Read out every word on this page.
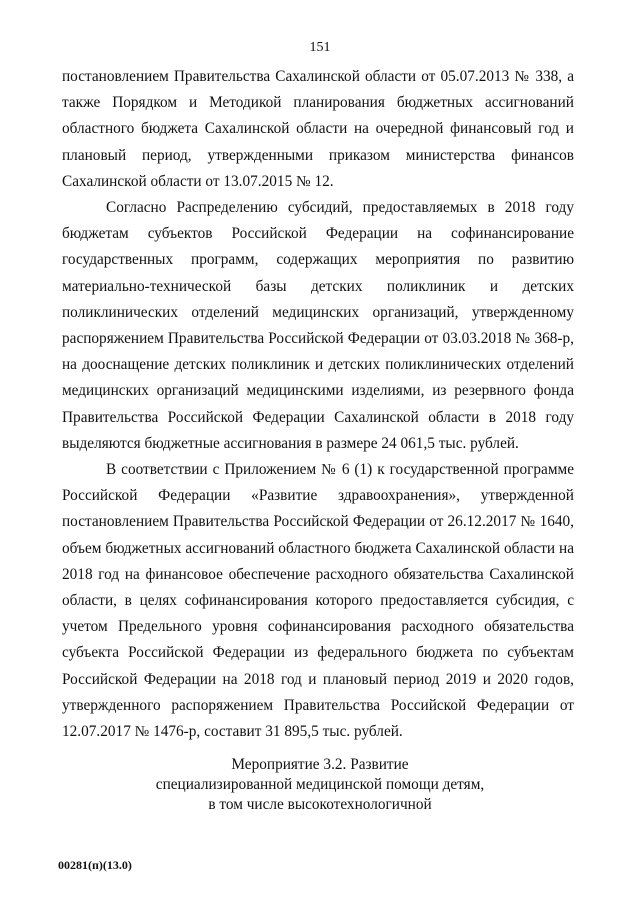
151

постановлением Правительства Сахалинской области от 05.07.2013 № 338, а также Порядком и Методикой планирования бюджетных ассигнований областного бюджета Сахалинской области на очередной финансовый год и плановый период, утвержденными приказом министерства финансов Сахалинской области от 13.07.2015 № 12.

Согласно Распределению субсидий, предоставляемых в 2018 году бюджетам субъектов Российской Федерации на софинансирование государственных программ, содержащих мероприятия по развитию материально-технической базы детских поликлиник и детских поликлинических отделений медицинских организаций, утвержденному распоряжением Правительства Российской Федерации от 03.03.2018 № 368-р, на дооснащение детских поликлиник и детских поликлинических отделений медицинских организаций медицинскими изделиями, из резервного фонда Правительства Российской Федерации Сахалинской области в 2018 году выделяются бюджетные ассигнования в размере 24 061,5 тыс. рублей.

В соответствии с Приложением № 6 (1) к государственной программе Российской Федерации «Развитие здравоохранения», утвержденной постановлением Правительства Российской Федерации от 26.12.2017 № 1640, объем бюджетных ассигнований областного бюджета Сахалинской области на 2018 год на финансовое обеспечение расходного обязательства Сахалинской области, в целях софинансирования которого предоставляется субсидия, с учетом Предельного уровня софинансирования расходного обязательства субъекта Российской Федерации из федерального бюджета по субъектам Российской Федерации на 2018 год и плановый период 2019 и 2020 годов, утвержденного распоряжением Правительства Российской Федерации от 12.07.2017 № 1476-р, составит 31 895,5 тыс. рублей.

Мероприятие 3.2. Развитие
специализированной медицинской помощи детям,
в том числе высокотехнологичной
00281(п)(13.0)
